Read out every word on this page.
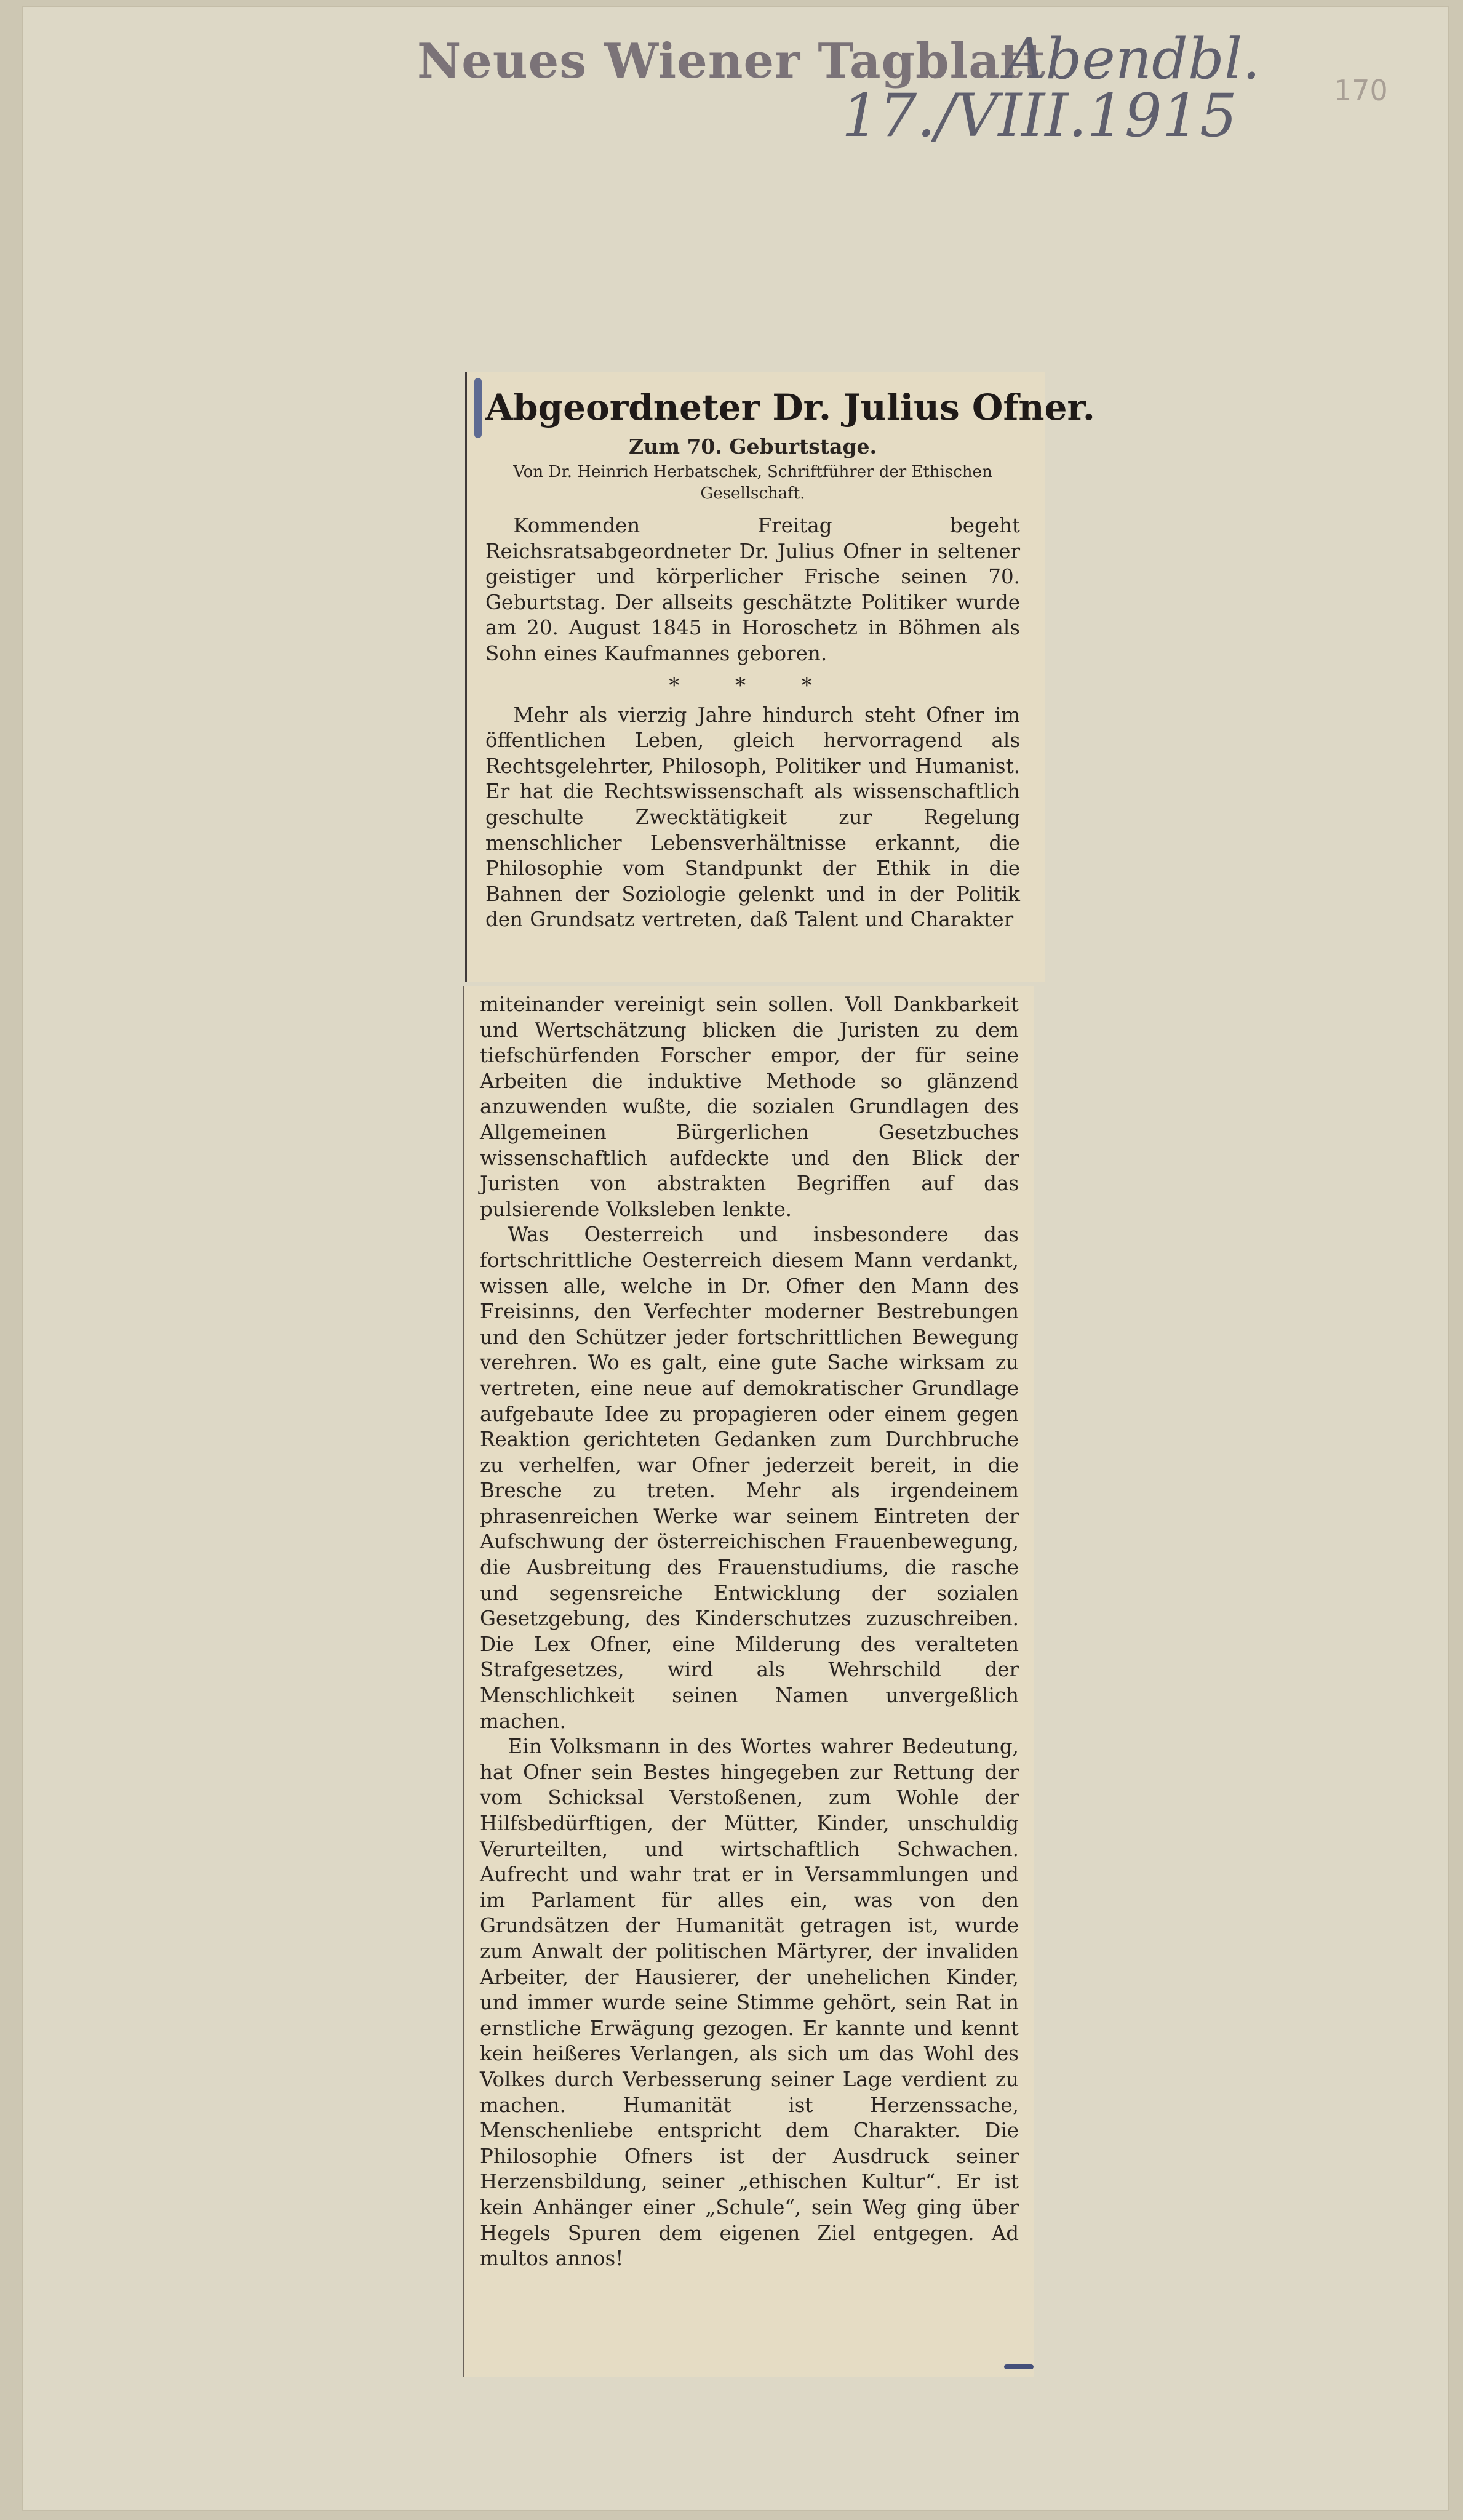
Neues Wiener Tagblatt
Abendbl.
17./VIII.1915	170
Abgeordneter Dr. Julius Ofner.
Zum 70. Geburtstage.
Von Dr. Heinrich Herbatschek, Schriftführer der Ethischen Gesellschaft.
Kommenden Freitag begeht Reichsratsabgeordneter Dr. Julius Ofner in seltener geistiger und körperlicher Frische seinen 70. Geburtstag. Der allseits geschätzte Politiker wurde am 20. August 1845 in Horoschetz in Böhmen als Sohn eines Kaufmannes geboren.
* * *
Mehr als vierzig Jahre hindurch steht Ofner im öffentlichen Leben, gleich hervorragend als Rechtsgelehrter, Philosoph, Politiker und Humanist. Er hat die Rechtswissenschaft als wissenschaftlich geschulte Zwecktätigkeit zur Regelung menschlicher Lebensverhältnisse erkannt, die Philosophie vom Standpunkt der Ethik in die Bahnen der Soziologie gelenkt und in der Politik den Grundsatz vertreten, daß Talent und Charakter
miteinander vereinigt sein sollen. Voll Dankbarkeit und Wertschätzung blicken die Juristen zu dem tiefschürfenden Forscher empor, der für seine Arbeiten die induktive Methode so glänzend anzuwenden wußte, die sozialen Grundlagen des Allgemeinen Bürgerlichen Gesetzbuches wissenschaftlich aufdeckte und den Blick der Juristen von abstrakten Begriffen auf das pulsierende Volksleben lenkte.
Was Oesterreich und insbesondere das fortschrittliche Oesterreich diesem Mann verdankt, wissen alle, welche in Dr. Ofner den Mann des Freisinns, den Verfechter moderner Bestrebungen und den Schützer jeder fortschrittlichen Bewegung verehren. Wo es galt, eine gute Sache wirksam zu vertreten, eine neue auf demokratischer Grundlage aufgebaute Idee zu propagieren oder einem gegen Reaktion gerichteten Gedanken zum Durchbruche zu verhelfen, war Ofner jederzeit bereit, in die Bresche zu treten. Mehr als irgendeinem phrasenreichen Werke war seinem Eintreten der Aufschwung der österreichischen Frauenbewegung, die Ausbreitung des Frauenstudiums, die rasche und segensreiche Entwicklung der sozialen Gesetzgebung, des Kinderschutzes zuzuschreiben. Die Lex Ofner, eine Milderung des veralteten Strafgesetzes, wird als Wehrschild der Menschlichkeit seinen Namen unvergeßlich machen.
Ein Volksmann in des Wortes wahrer Bedeutung, hat Ofner sein Bestes hingegeben zur Rettung der vom Schicksal Verstoßenen, zum Wohle der Hilfsbedürftigen, der Mütter, Kinder, unschuldig Verurteilten, und wirtschaftlich Schwachen. Aufrecht und wahr trat er in Versammlungen und im Parlament für alles ein, was von den Grundsätzen der Humanität getragen ist, wurde zum Anwalt der politischen Märtyrer, der invaliden Arbeiter, der Hausierer, der unehelichen Kinder, und immer wurde seine Stimme gehört, sein Rat in ernstliche Erwägung gezogen. Er kannte und kennt kein heißeres Verlangen, als sich um das Wohl des Volkes durch Verbesserung seiner Lage verdient zu machen. Humanität ist Herzenssache, Menschenliebe entspricht dem Charakter. Die Philosophie Ofners ist der Ausdruck seiner Herzensbildung, seiner „ethischen Kultur“. Er ist kein Anhänger einer „Schule“, sein Weg ging über Hegels Spuren dem eigenen Ziel entgegen. Ad multos annos!
